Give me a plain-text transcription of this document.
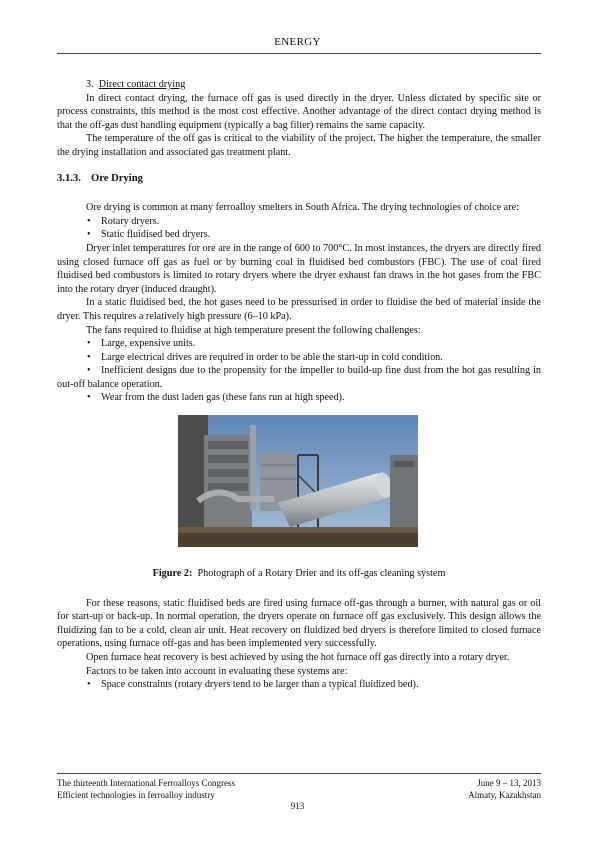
ENERGY

3. Direct contact drying

In direct contact drying, the furnace off gas is used directly in the dryer. Unless dictated by specific site or process constraints, this method is the most cost effective. Another advantage of the direct contact drying method is that the off-gas dust handling equipment (typically a bag filter) remains the same capacity.

The temperature of the off gas is critical to the viability of the project. The higher the temperature, the smaller the drying installation and associated gas treatment plant.

3.1.3. Ore Drying

Ore drying is common at many ferroalloy smelters in South Africa. The drying technologies of choice are:

• Rotary dryers.
• Static fluidised bed dryers.

Dryer inlet temperatures for ore are in the range of 600 to 700°C. In most instances, the dryers are directly fired using closed furnace off gas as fuel or by burning coal in fluidised bed combustors (FBC). The use of coal fired fluidised bed combustors is limited to rotary dryers where the dryer exhaust fan draws in the hot gases from the FBC into the rotary dryer (induced draught).

In a static fluidised bed, the hot gases need to be pressurised in order to fluidise the bed of material inside the dryer. This requires a relatively high pressure (6–10 kPa).

The fans required to fluidise at high temperature present the following challenges:

• Large, expensive units.
• Large electrical drives are required in order to be able the start-up in cold condition.
• Inefficient designs due to the propensity for the impeller to build-up fine dust from the hot gas resulting in out-off balance operation.
• Wear from the dust laden gas (these fans run at high speed).

Figure 2: Photograph of a Rotary Drier and its off-gas cleaning system

For these reasons, static fluidised beds are fired using furnace off-gas through a burner, with natural gas or oil for start-up or back-up. In normal operation, the dryers operate on furnace off gas exclusively. This design allows the fluidizing fan to be a cold, clean air unit. Heat recovery on fluidized bed dryers is therefore limited to closed furnace operations, using furnace off-gas and has been implemented very successfully.

Open furnace heat recovery is best achieved by using the hot furnace off gas directly into a rotary dryer.

Factors to be taken into account in evaluating these systems are:

• Space constraints (rotary dryers tend to be larger than a typical fluidized bed).
The thirteenth International Ferroalloys Congress	June 9 – 13, 2013
Efficient technologies in ferroalloy industry	Almaty, Kazakhstan
913
